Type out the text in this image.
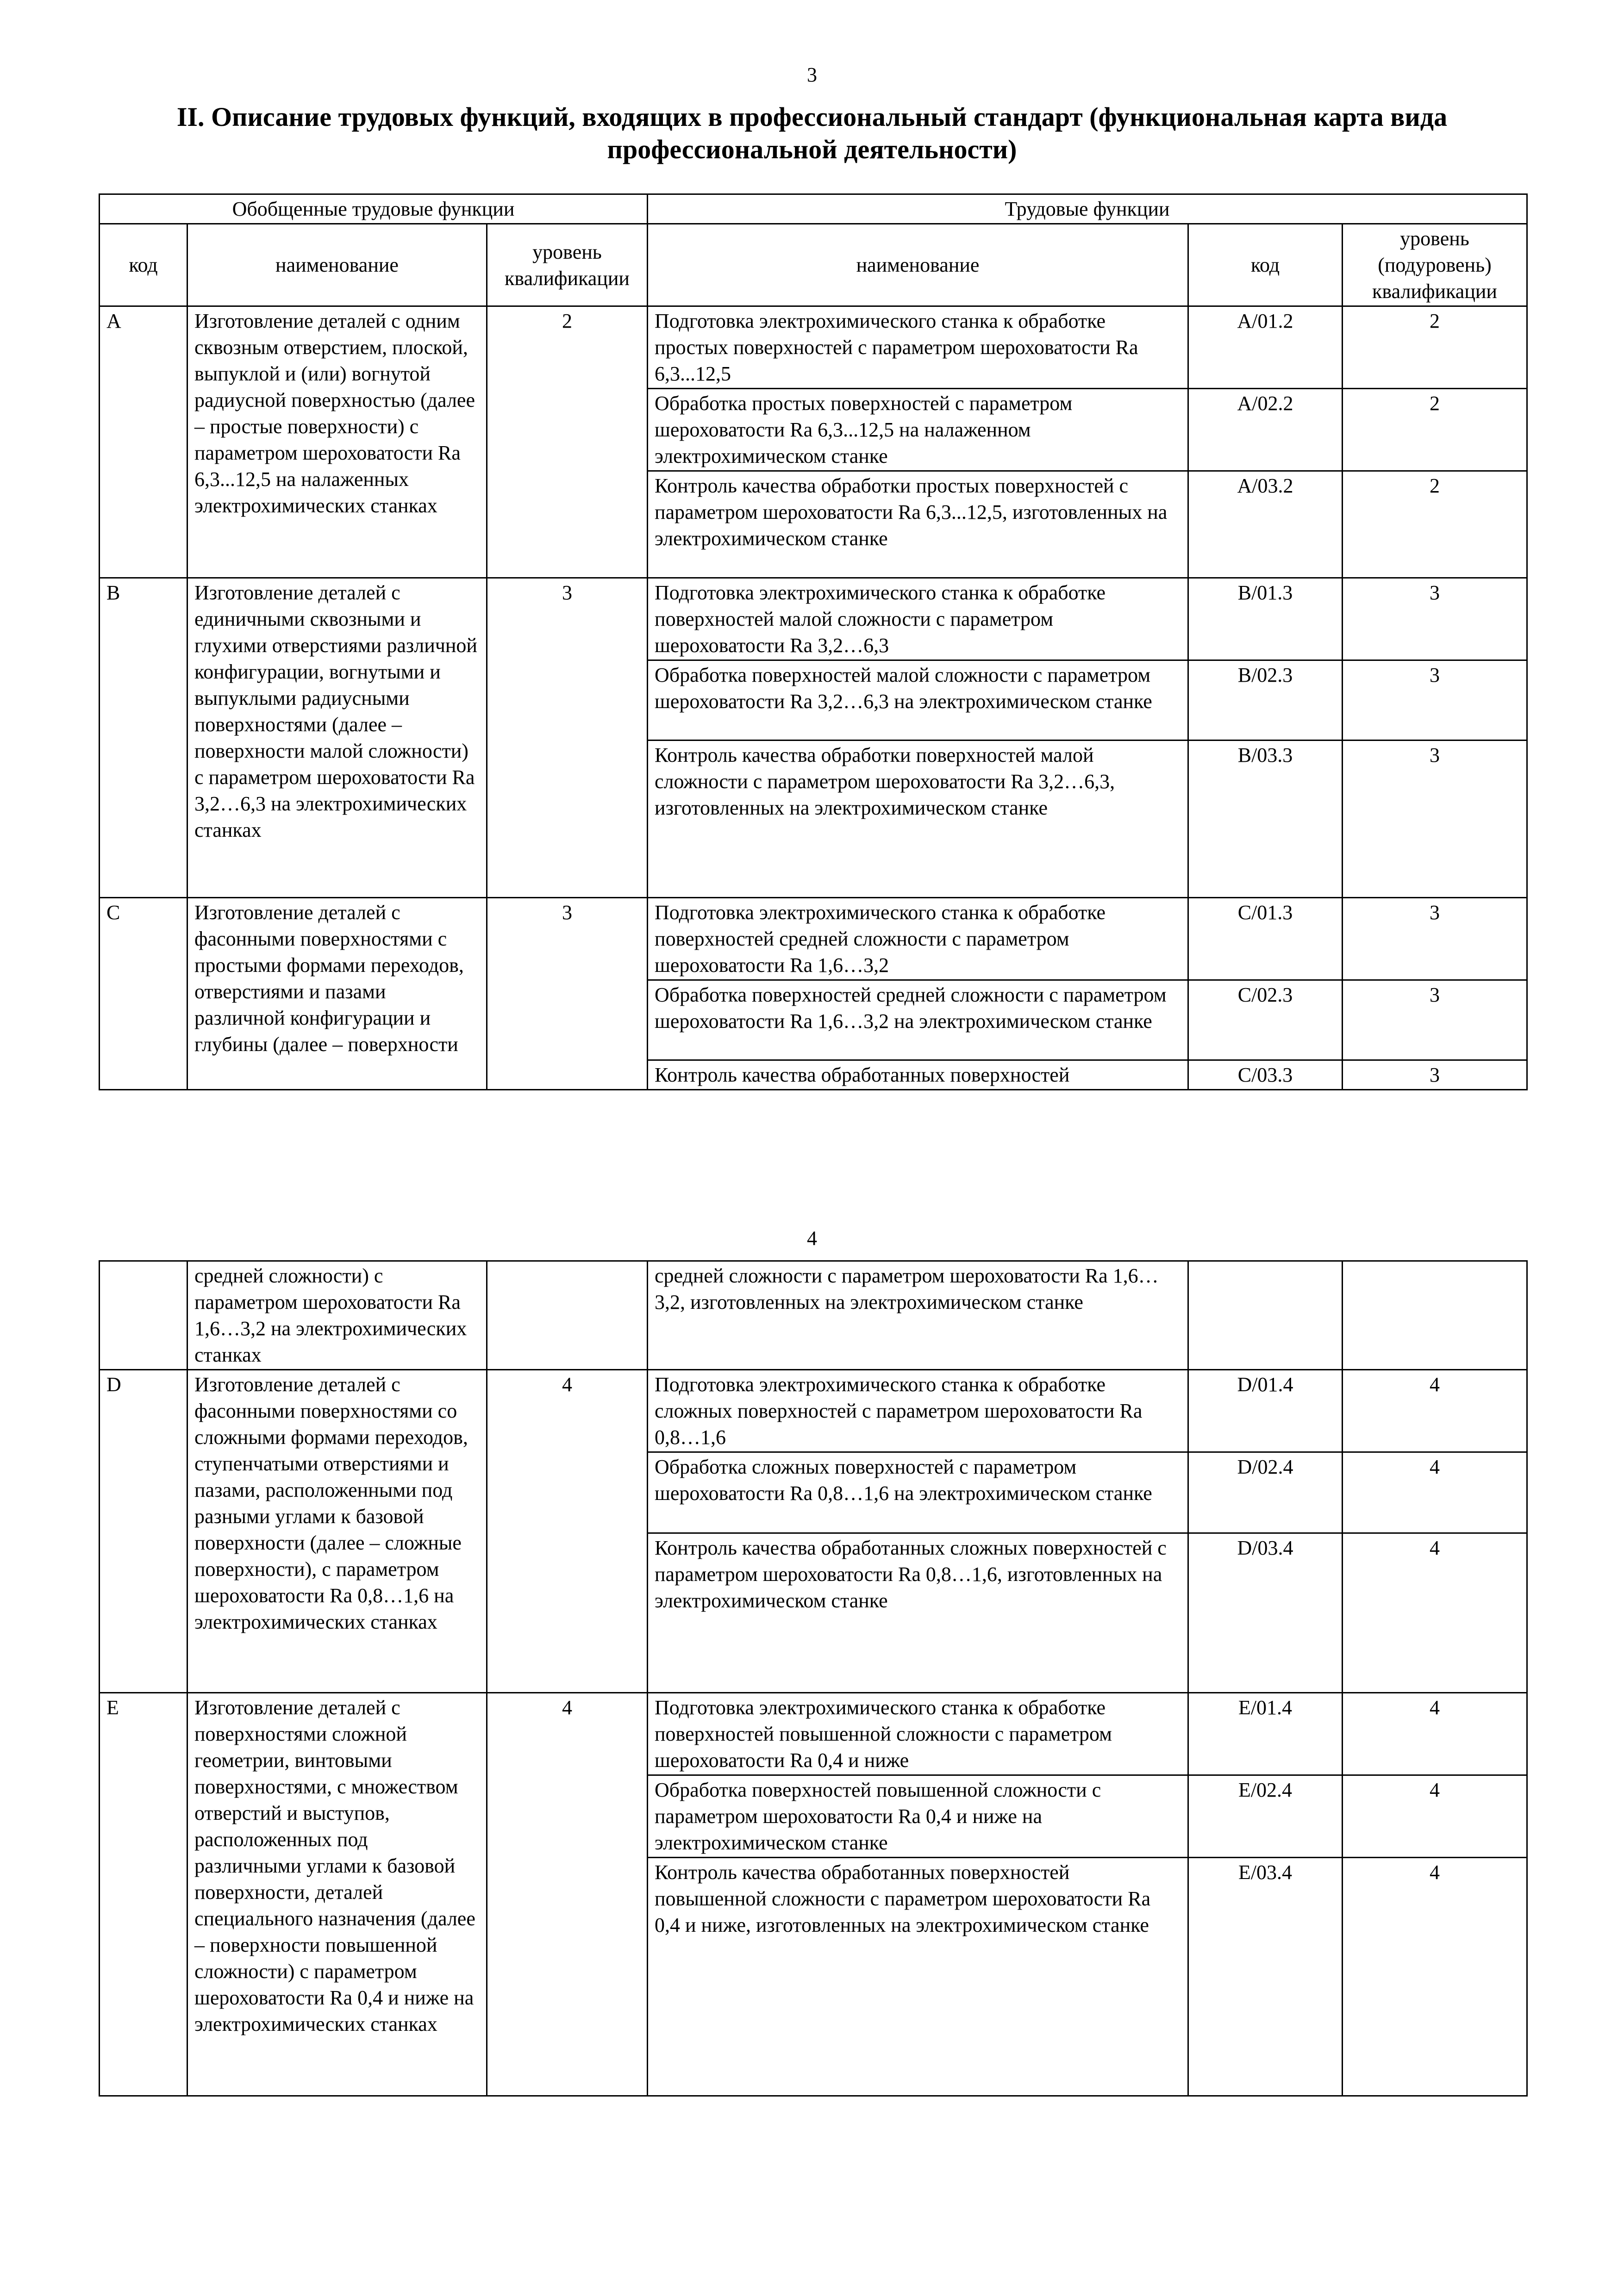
3
II. Описание трудовых функций, входящих в профессиональный стандарт (функциональная карта вида профессиональной деятельности)
Обобщенные трудовые функции			Трудовые функции		
код	наименование	уровень квалификации	наименование	код	уровень (подуровень) квалификации
A	Изготовление деталей с одним сквозным отверстием, плоской, выпуклой и (или) вогнутой радиусной поверхностью (далее – простые поверхности) с параметром шероховатости Ra 6,3...12,5 на налаженных электрохимических станках	2	Подготовка электрохимического станка к обработке простых поверхностей с параметром шероховатости Ra 6,3...12,5	A/01.2	2
			Обработка простых поверхностей с параметром шероховатости Ra 6,3...12,5 на налаженном электрохимическом станке	A/02.2	2
			Контроль качества обработки простых поверхностей с параметром шероховатости Ra 6,3...12,5, изготовленных на электрохимическом станке	A/03.2	2
B	Изготовление деталей с единичными сквозными и глухими отверстиями различной конфигурации, вогнутыми и выпуклыми радиусными поверхностями (далее – поверхности малой сложности) с параметром шероховатости Ra 3,2…6,3 на электрохимических станках	3	Подготовка электрохимического станка к обработке поверхностей малой сложности с параметром шероховатости Ra 3,2…6,3	B/01.3	3
			Обработка поверхностей малой сложности с параметром шероховатости Ra 3,2…6,3 на электрохимическом станке	B/02.3	3
			Контроль качества обработки поверхностей малой сложности с параметром шероховатости Ra 3,2…6,3, изготовленных на электрохимическом станке	B/03.3	3
C	Изготовление деталей с фасонными поверхностями с простыми формами переходов, отверстиями и пазами различной конфигурации и глубины (далее – поверхности	3	Подготовка электрохимического станка к обработке поверхностей средней сложности с параметром шероховатости Ra 1,6…3,2	C/01.3	3
			Обработка поверхностей средней сложности с параметром шероховатости Ra 1,6…3,2 на электрохимическом станке	C/02.3	3
			Контроль качества обработанных поверхностей	C/03.3	3
4
	средней сложности) с параметром шероховатости Ra 1,6…3,2 на электрохимических станках		средней сложности с параметром шероховатости Ra 1,6…3,2, изготовленных на электрохимическом станке		
D	Изготовление деталей с фасонными поверхностями со сложными формами переходов, ступенчатыми отверстиями и пазами, расположенными под разными углами к базовой поверхности (далее – сложные поверхности), с параметром шероховатости Ra 0,8…1,6 на электрохимических станках	4	Подготовка электрохимического станка к обработке сложных поверхностей с параметром шероховатости Ra 0,8…1,6	D/01.4	4
			Обработка сложных поверхностей с параметром шероховатости Ra 0,8…1,6 на электрохимическом станке	D/02.4	4
			Контроль качества обработанных сложных поверхностей с параметром шероховатости Ra 0,8…1,6, изготовленных на электрохимическом станке	D/03.4	4
E	Изготовление деталей с поверхностями сложной геометрии, винтовыми поверхностями, с множеством отверстий и выступов, расположенных под различными углами к базовой поверхности, деталей специального назначения (далее – поверхности повышенной сложности) с параметром шероховатости Ra 0,4 и ниже на электрохимических станках	4	Подготовка электрохимического станка к обработке поверхностей повышенной сложности с параметром шероховатости Ra 0,4 и ниже	E/01.4	4
			Обработка поверхностей повышенной сложности с параметром шероховатости Ra 0,4 и ниже на электрохимическом станке	E/02.4	4
			Контроль качества обработанных поверхностей повышенной сложности с параметром шероховатости Ra 0,4 и ниже, изготовленных на электрохимическом станке	E/03.4	4
